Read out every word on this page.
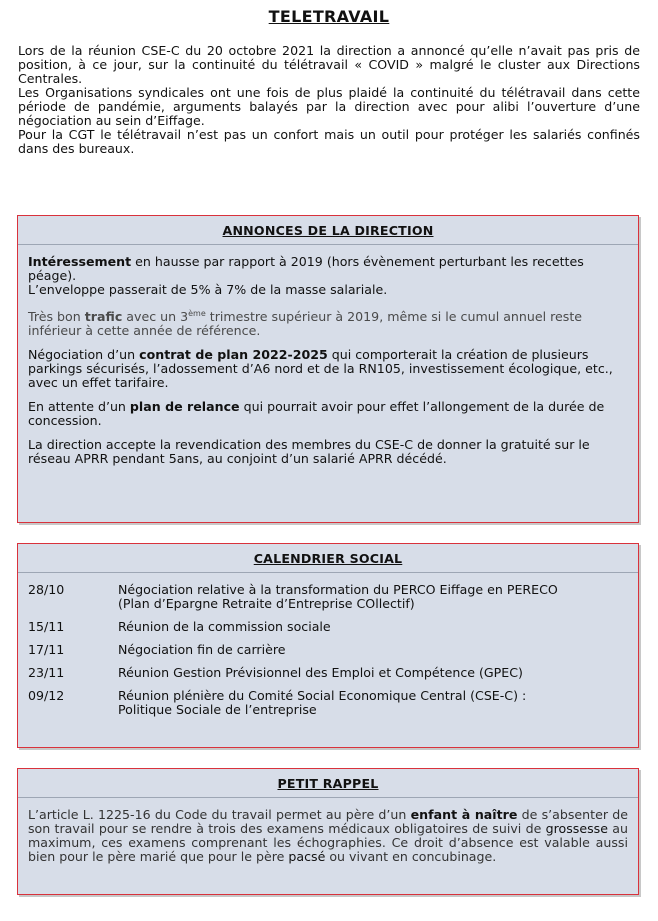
TELETRAVAIL

Lors de la réunion CSE-C du 20 octobre 2021 la direction a annoncé qu’elle n’avait pas pris de position, à ce jour, sur la continuité du télétravail « COVID » malgré le cluster aux Directions Centrales.

Les Organisations syndicales ont une fois de plus plaidé la continuité du télétravail dans cette période de pandémie, arguments balayés par la direction avec pour alibi l’ouverture d’une négociation au sein d’Eiffage.

Pour la CGT le télétravail n’est pas un confort mais un outil pour protéger les salariés confinés dans des bureaux.

ANNONCES DE LA DIRECTION

Intéressement en hausse par rapport à 2019 (hors évènement perturbant les recettes péage).
L’enveloppe passerait de 5% à 7% de la masse salariale.

Très bon trafic avec un 3ème trimestre supérieur à 2019, même si le cumul annuel reste inférieur à cette année de référence.

Négociation d’un contrat de plan 2022-2025 qui comporterait la création de plusieurs parkings sécurisés, l’adossement d’A6 nord et de la RN105, investissement écologique, etc., avec un effet tarifaire.

En attente d’un plan de relance qui pourrait avoir pour effet l’allongement de la durée de concession.

La direction accepte la revendication des membres du CSE-C de donner la gratuité sur le réseau APRR pendant 5ans, au conjoint d’un salarié APRR décédé.

CALENDRIER SOCIAL
28/10	Négociation relative à la transformation du PERCO Eiffage en PERECO
(Plan d’Epargne Retraite d’Entreprise COllectif)
15/11	Réunion de la commission sociale
17/11	Négociation fin de carrière
23/11	Réunion Gestion Prévisionnel des Emploi et Compétence (GPEC)
09/12	Réunion plénière du Comité Social Economique Central (CSE-C) :
Politique Sociale de l’entreprise
PETIT RAPPEL

L’article L. 1225-16 du Code du travail permet au père d’un enfant à naître de s’absenter de son travail pour se rendre à trois des examens médicaux obligatoires de suivi de grossesse au maximum, ces examens comprenant les échographies. Ce droit d’absence est valable aussi bien pour le père marié que pour le père pacsé ou vivant en concubinage.
